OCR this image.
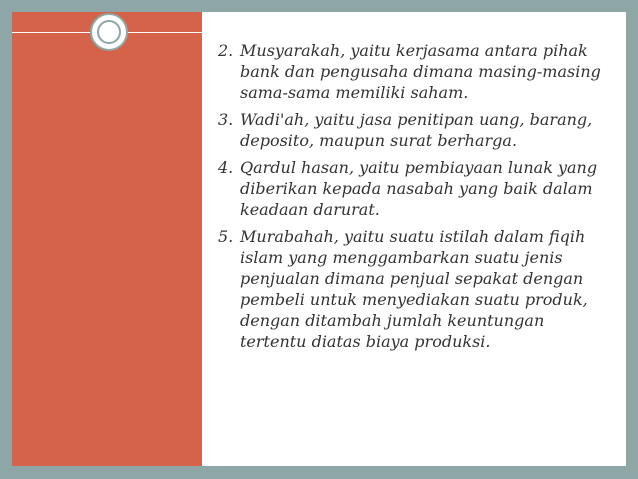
2. Musyarakah, yaitu kerjasama antara pihak bank dan pengusaha dimana masing-masing sama-sama memiliki saham.
3. Wadi'ah, yaitu jasa penitipan uang, barang, deposito, maupun surat berharga.
4. Qardul hasan, yaitu pembiayaan lunak yang diberikan kepada nasabah yang baik dalam keadaan darurat.
5. Murabahah, yaitu suatu istilah dalam fiqih islam yang menggambarkan suatu jenis penjualan dimana penjual sepakat dengan pembeli untuk menyediakan suatu produk, dengan ditambah jumlah keuntungan tertentu diatas biaya produksi.
